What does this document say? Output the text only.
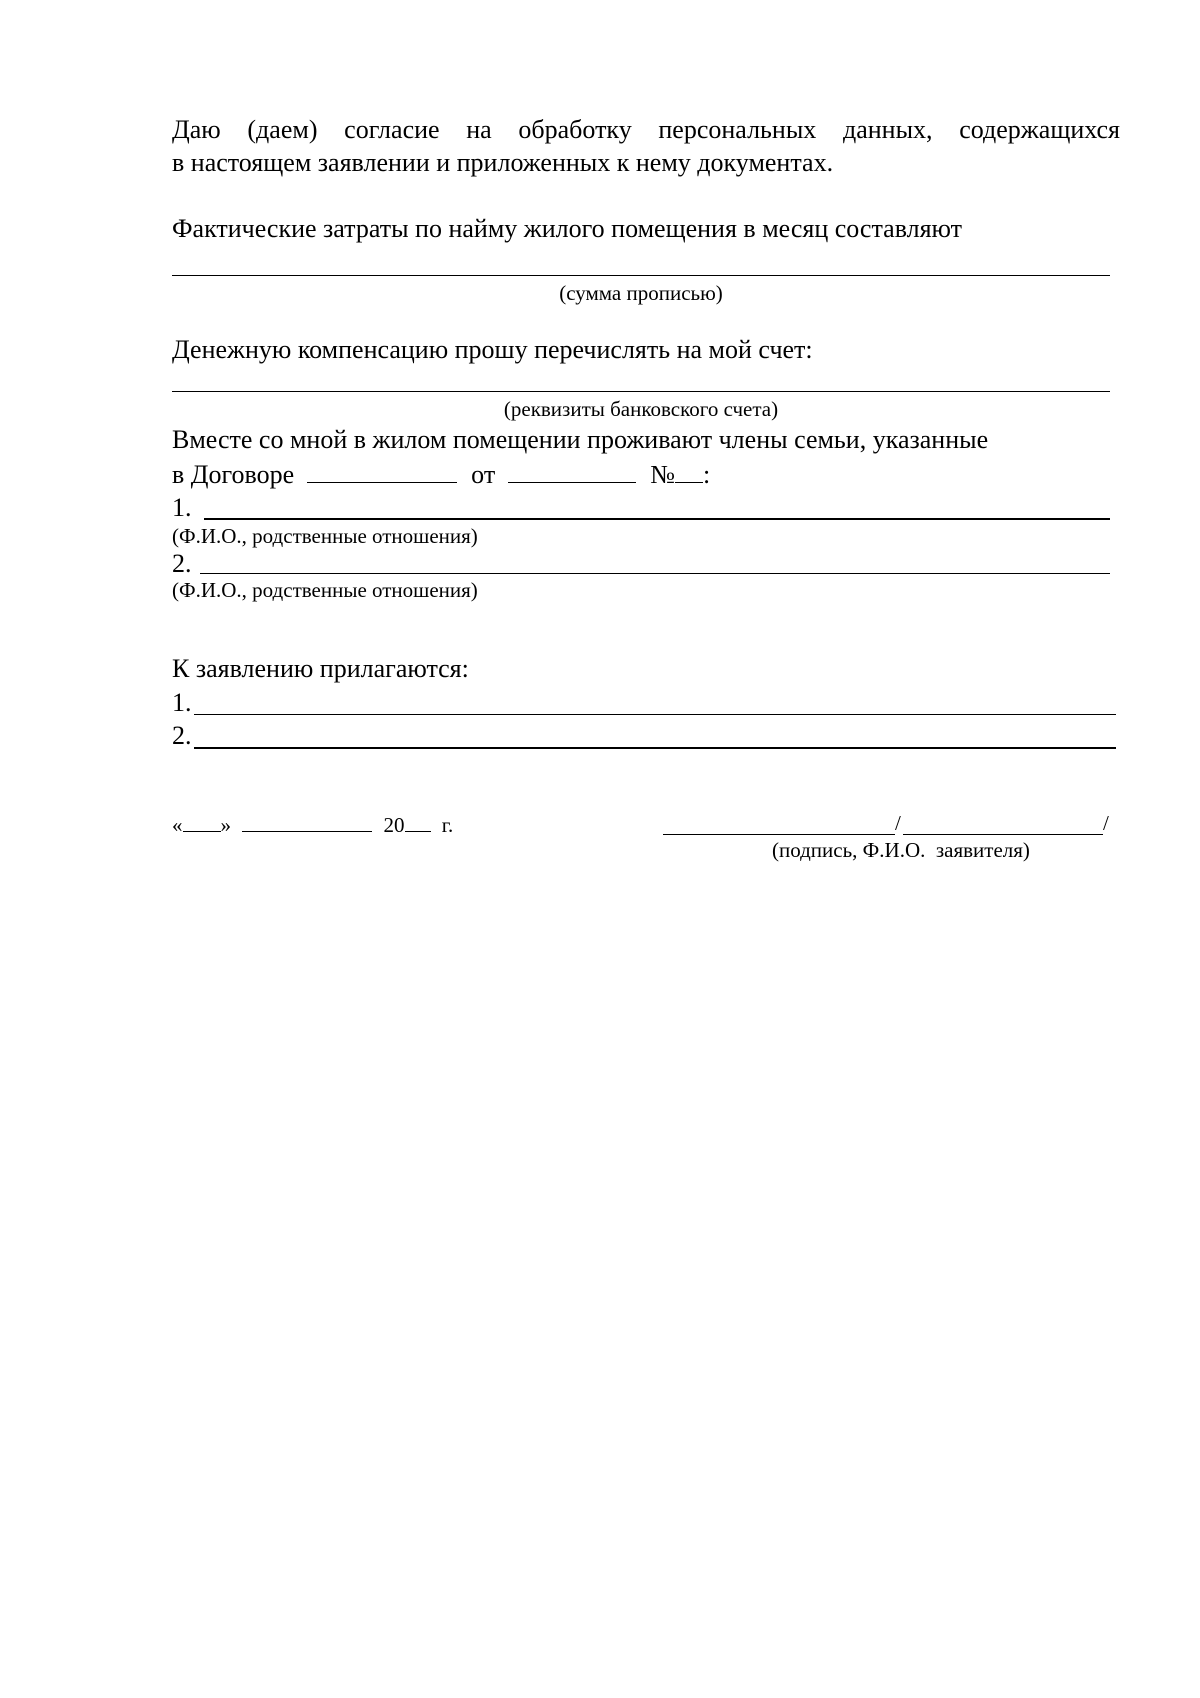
Даю (даем) согласие на обработку персональных данных, содержащихся
в настоящем заявлении и приложенных к нему документах.
Фактические затраты по найму жилого помещения в месяц составляют
(сумма прописью)
Денежную компенсацию прошу перечислять на мой счет:
(реквизиты банковского счета)
Вместе со мной в жилом помещении проживают члены семьи, указанные
в Договоре	от	№ :
1.
(Ф.И.О., родственные отношения)
2.
(Ф.И.О., родственные отношения)
К заявлению прилагаются:
1.
2.
« »	20 г.	/	/
(подпись, Ф.И.О.  заявителя)
